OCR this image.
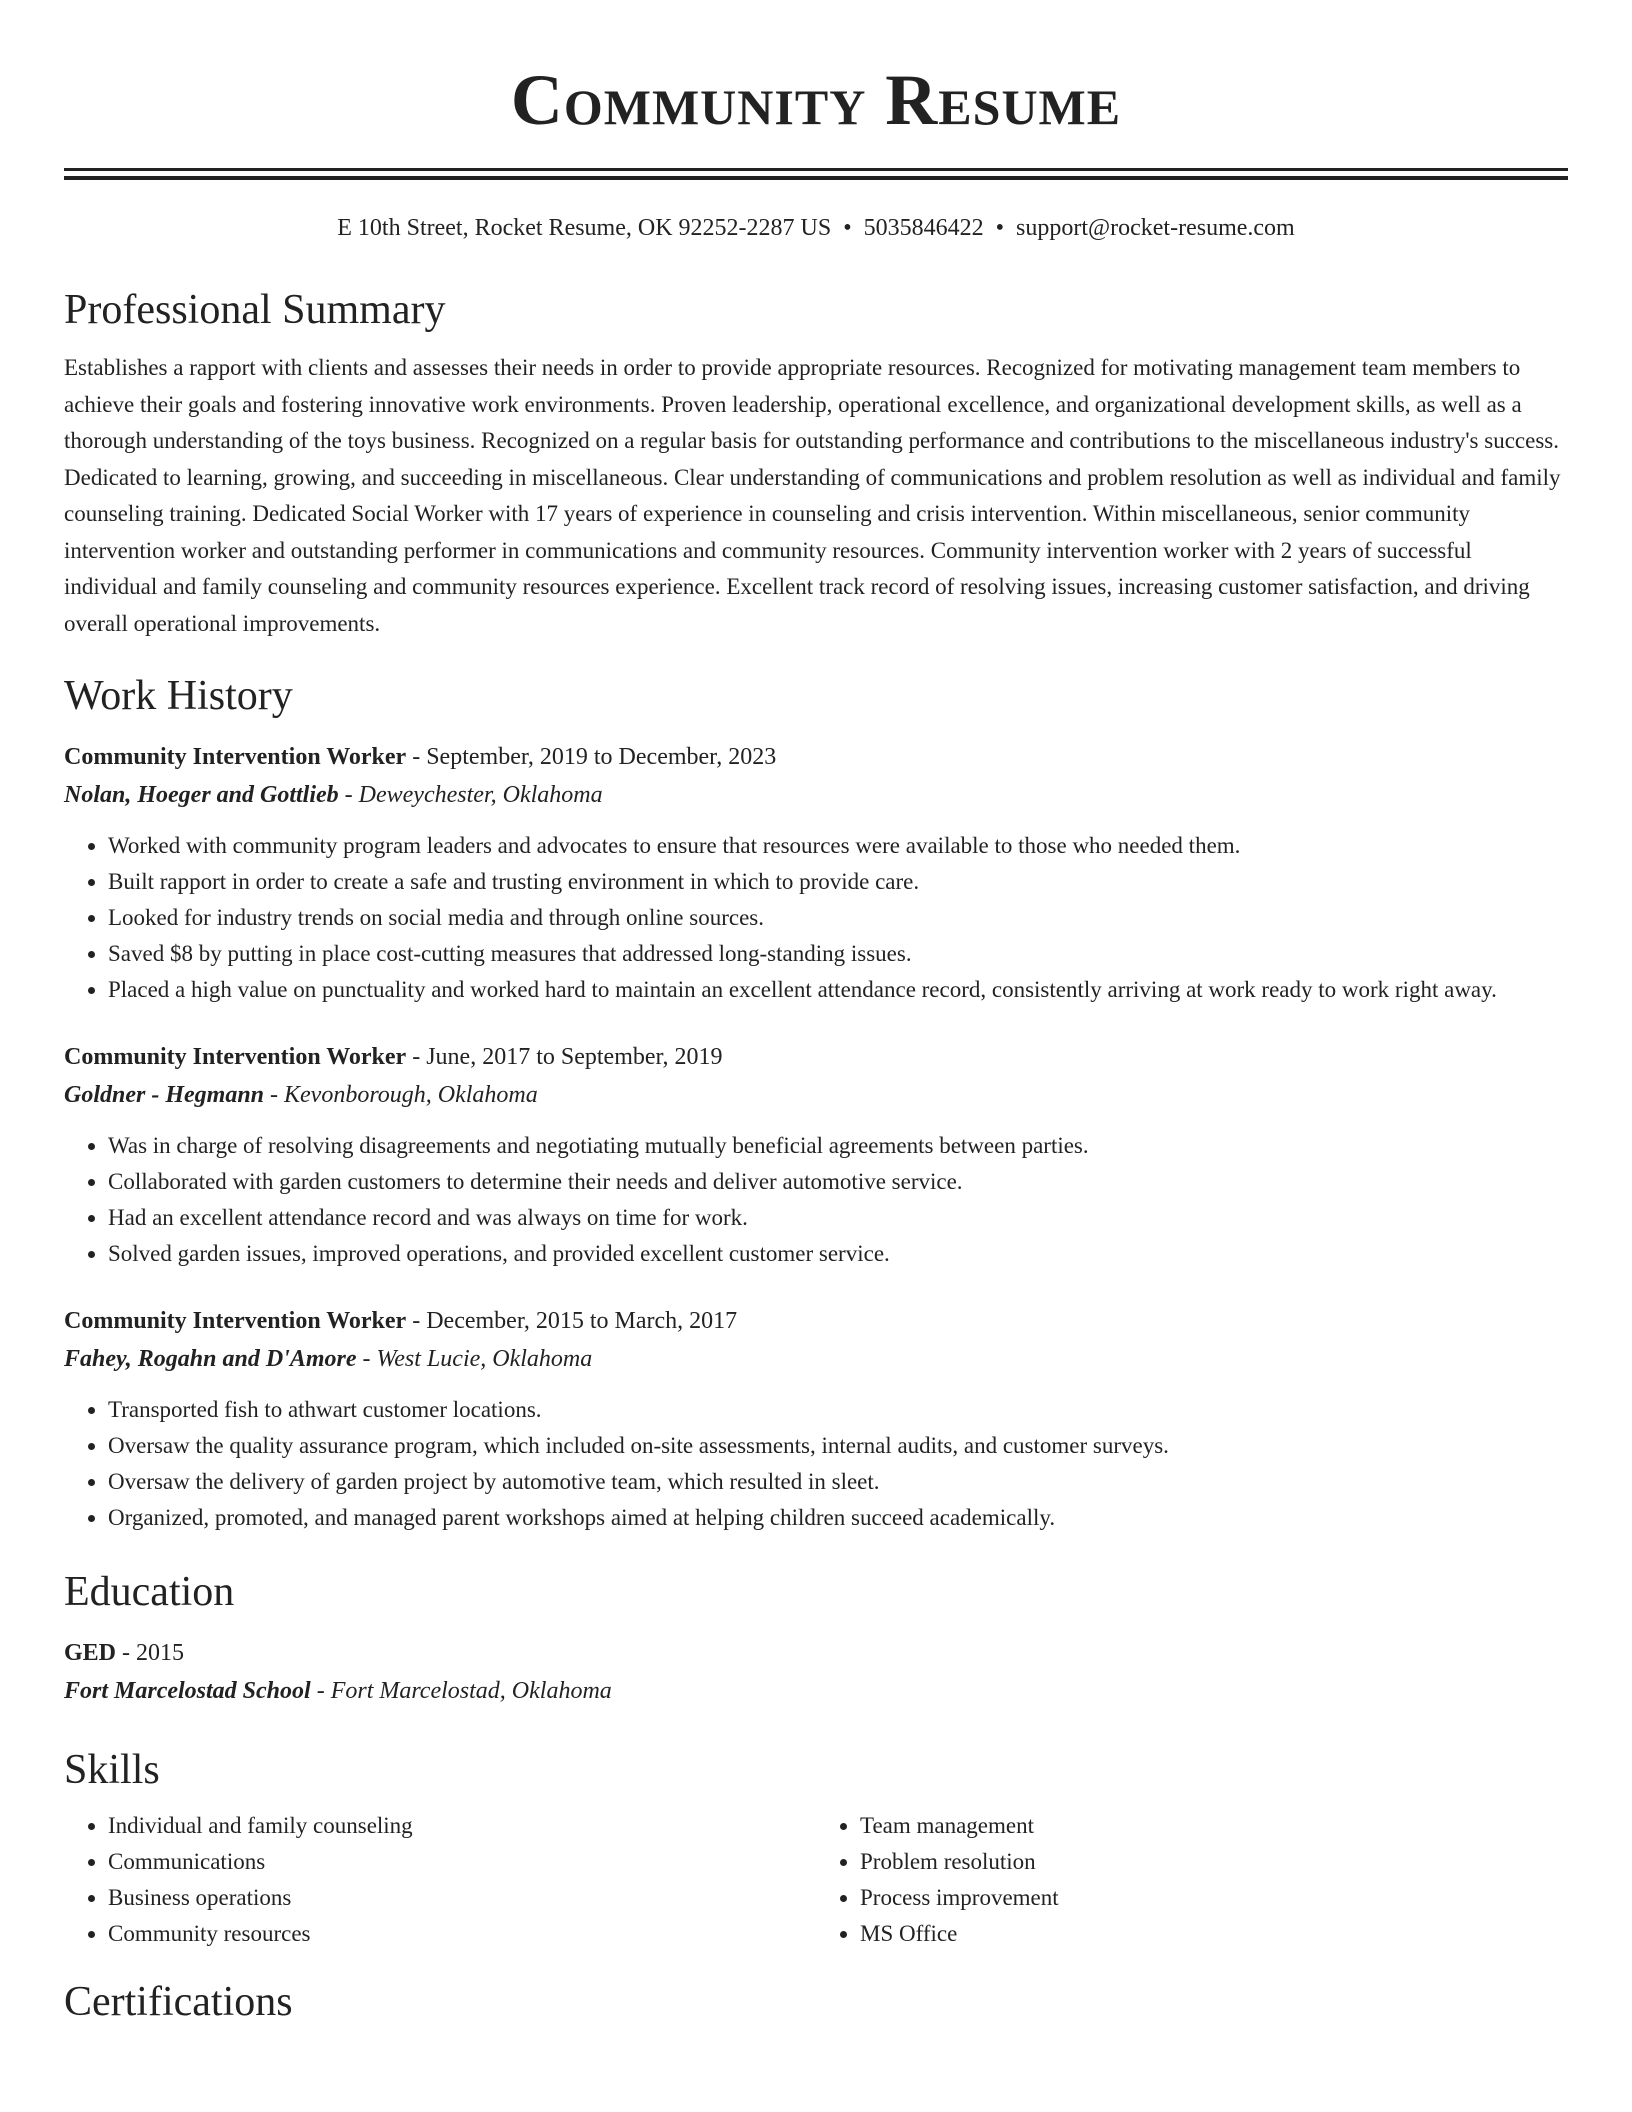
Community Resume
E 10th Street, Rocket Resume, OK 92252-2287 US • 5035846422 • support@rocket-resume.com
Professional Summary

Establishes a rapport with clients and assesses their needs in order to provide appropriate resources. Recognized for motivating management team members to achieve their goals and fostering innovative work environments. Proven leadership, operational excellence, and organizational development skills, as well as a thorough understanding of the toys business. Recognized on a regular basis for outstanding performance and contributions to the miscellaneous industry's success. Dedicated to learning, growing, and succeeding in miscellaneous. Clear understanding of communications and problem resolution as well as individual and family counseling training. Dedicated Social Worker with 17 years of experience in counseling and crisis intervention. Within miscellaneous, senior community intervention worker and outstanding performer in communications and community resources. Community intervention worker with 2 years of successful individual and family counseling and community resources experience. Excellent track record of resolving issues, increasing customer satisfaction, and driving overall operational improvements.

Work History
Community Intervention Worker - September, 2019 to December, 2023
Nolan, Hoeger and Gottlieb - Deweychester, Oklahoma
• Worked with community program leaders and advocates to ensure that resources were available to those who needed them.
• Built rapport in order to create a safe and trusting environment in which to provide care.
• Looked for industry trends on social media and through online sources.
• Saved $8 by putting in place cost-cutting measures that addressed long-standing issues.
• Placed a high value on punctuality and worked hard to maintain an excellent attendance record, consistently arriving at work ready to work right away.
Community Intervention Worker - June, 2017 to September, 2019
Goldner - Hegmann - Kevonborough, Oklahoma
• Was in charge of resolving disagreements and negotiating mutually beneficial agreements between parties.
• Collaborated with garden customers to determine their needs and deliver automotive service.
• Had an excellent attendance record and was always on time for work.
• Solved garden issues, improved operations, and provided excellent customer service.
Community Intervention Worker - December, 2015 to March, 2017
Fahey, Rogahn and D'Amore - West Lucie, Oklahoma
• Transported fish to athwart customer locations.
• Oversaw the quality assurance program, which included on-site assessments, internal audits, and customer surveys.
• Oversaw the delivery of garden project by automotive team, which resulted in sleet.
• Organized, promoted, and managed parent workshops aimed at helping children succeed academically.
Education
GED - 2015
Fort Marcelostad School - Fort Marcelostad, Oklahoma
Skills
• Individual and family counseling
• Communications
• Business operations
• Community resources
• Team management
• Problem resolution
• Process improvement
• MS Office
Certifications
